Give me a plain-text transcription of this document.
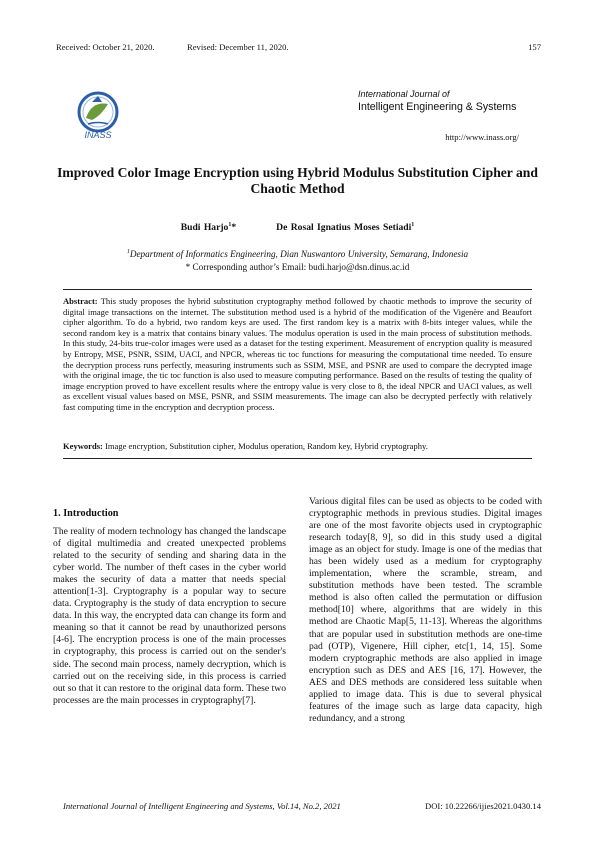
Received: October 21, 2020.	Revised: December 11, 2020.	157
INASS
International Journal of
Intelligent Engineering & Systems
http://www.inass.org/
Improved Color Image Encryption using Hybrid Modulus Substitution Cipher and Chaotic Method
Budi Harjo$^1$*	De Rosal Ignatius Moses Setiadi$^1$
$^1$Department of Informatics Engineering, Dian Nuswantoro University, Semarang, Indonesia
* Corresponding author’s Email: budi.harjo@dsn.dinus.ac.id
Abstract: This study proposes the hybrid substitution cryptography method followed by chaotic methods to improve the security of digital image transactions on the internet. The substitution method used is a hybrid of the modification of the Vigenère and Beaufort cipher algorithm. To do a hybrid, two random keys are used. The first random key is a matrix with 8-bits integer values, while the second random key is a matrix that contains binary values. The modulus operation is used in the main process of substitution methods. In this study, 24-bits true-color images were used as a dataset for the testing experiment. Measurement of encryption quality is measured by Entropy, MSE, PSNR, SSIM, UACI, and NPCR, whereas tic toc functions for measuring the computational time needed. To ensure the decryption process runs perfectly, measuring instruments such as SSIM, MSE, and PSNR are used to compare the decrypted image with the original image, the tic toc function is also used to measure computing performance. Based on the results of testing the quality of image encryption proved to have excellent results where the entropy value is very close to 8, the ideal NPCR and UACI values, as well as excellent visual values based on MSE, PSNR, and SSIM measurements. The image can also be decrypted perfectly with relatively fast computing time in the encryption and decryption process.
Keywords: Image encryption, Substitution cipher, Modulus operation, Random key, Hybrid cryptography.
1. Introduction
The reality of modern technology has changed the landscape of digital multimedia and created unexpected problems related to the security of sending and sharing data in the cyber world. The number of theft cases in the cyber world makes the security of data a matter that needs special attention[1-3]. Cryptography is a popular way to secure data. Cryptography is the study of data encryption to secure data. In this way, the encrypted data can change its form and meaning so that it cannot be read by unauthorized persons [4-6]. The encryption process is one of the main processes in cryptography, this process is carried out on the sender's side. The second main process, namely decryption, which is carried out on the receiving side, in this process is carried out so that it can restore to the original data form. These two processes are the main processes in cryptography[7].
Various digital files can be used as objects to be coded with cryptographic methods in previous studies. Digital images are one of the most favorite objects used in cryptographic research today[8, 9], so did in this study used a digital image as an object for study. Image is one of the medias that has been widely used as a medium for cryptography implementation, where the scramble, stream, and substitution methods have been tested. The scramble method is also often called the permutation or diffusion method[10] where, algorithms that are widely in this method are Chaotic Map[5, 11-13]. Whereas the algorithms that are popular used in substitution methods are one-time pad (OTP), Vigenere, Hill cipher, etc[1, 14, 15]. Some modern cryptographic methods are also applied in image encryption such as DES and AES [16, 17]. However, the AES and DES methods are considered less suitable when applied to image data. This is due to several physical features of the image such as large data capacity, high redundancy, and a strong
International Journal of Intelligent Engineering and Systems, Vol.14, No.2, 2021	DOI: 10.22266/ijies2021.0430.14
